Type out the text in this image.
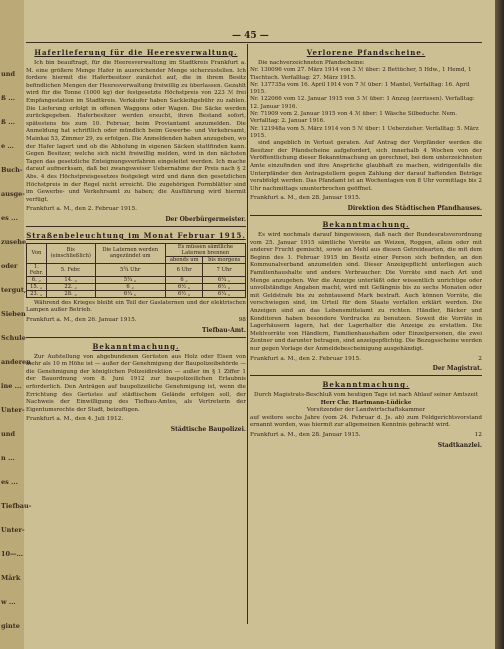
und
ß ...
ß ...
e …
Buch-
ausge-
es ...
zusehe
oder
tergut,
Sieben
Schule
anderen
ine ...
Unter-
und
n ...
es ...
Tiefbau-
Unter-
10—…
Märk
w ...
ginte
— 45 —
Haferlieferung für die Heeresverwaltung.

Ich bin beauftragt, für die Heeresverwaltung im Stadtkreis Frankfurt a. M. eine größere Menge Hafer in ausreichender Menge sicherzustellen. Ich fordere hiermit die Haferbesitzer zunächst auf, die in ihrem Besitz befindlichen Mengen der Heeresverwaltung freiwillig zu überlassen. Gezahlt wird für die Tonne (1000 kg) der festgesetzte Höchstpreis von 223 ℳ frei Empfangsstation im Stadtkreis. Verkäufer haben Sackleihgebühr zu zahlen. Die Lieferung erfolgt in offenen Waggons oder Wagen. Die Säcke werden zurückgegeben. Haferbesitzer werden ersucht, ihren Bestand sofort, spätestens bis zum 10. Februar, beim Proviantamt anzumelden. Die Anmeldung hat schriftlich oder mündlich beim Gewerbe- und Verkehrsamt, Mainkai 53, Zimmer 29, zu erfolgen. Die Anmeldenden haben anzugeben, wo der Hafer lagert und ob die Abholung in eigenen Säcken stattfinden kann. Gegen Besitzer, welche sich nicht freiwillig melden, wird in den nächsten Tagen das gesetzliche Enteignungsverfahren eingeleitet werden. Ich mache darauf aufmerksam, daß bei zwangsweiser Uebernahme der Preis nach § 2 Abs. 4 des Höchstpreisgesetzes festgelegt wird und dann den gesetzlichen Höchstpreis in der Regel nicht erreicht. Die zugehörigen Formblätter sind im Gewerbe- und Verkehrsamt zu haben; die Ausführung wird hiermit verfügt.

Frankfurt a. M., den 2. Februar 1915.
Der Oberbürgermeister.
Straßenbeleuchtung im Monat Februar 1915.
Von	Bis (einschließlich)	Die Laternen werden angezündet um	Es müssen sämtliche Laternen brennen	
			abends um	bis morgens
1. Febr.	5. Febr.	5¾ Uhr	6 Uhr	7 Uhr
6. „	14. „	5¾ „	6 „	6¾ „
15. „	22. „	6 „	6½ „	6½ „
23. „	28. „	6¼ „	6½ „	6¼ „

Während des Krieges bleibt ein Teil der Gaslaternen und der elektrischen Lampen außer Betrieb.

Frankfurt a. M., den 26. Januar 1915.	98
Tiefbau-Amt.
Bekanntmachung.

Zur Aufstellung von abgebundenen Gerüsten aus Holz oder Eisen von mehr als 10 m Höhe ist — außer der Genehmigung der Baupolizeibehörde — die Genehmigung der königlichen Polizeidirektion — außer im § 1 Ziffer 1 der Bauordnung vom 8. Juni 1912 zur baupolizeilichen Erlaubnis erforderlich. Den Anträgen auf baupolizeiliche Genehmigung ist, wenn die Errichtung des Gerüstes auf städtischem Gelände erfolgen soll, der Nachweis der Einwilligung des Tiefbau-Amtes, als Vertreterin der Eigentumsrechte der Stadt, beizufügen.

Frankfurt a. M., den 4. Juli 1912.
Städtische Baupolizei.
Verlorene Pfandscheine.

Die nachverzeichneten Pfandscheine:

Nr. 130096 vom 27. März 1914 von 3 ℳ über: 2 Bettücher, 5 Hdw., 1 Hemd, 1 Tischtuch. Verfalltag: 27. März 1915.

Nr. 137735a vom 16. April 1914 von 7 ℳ über: 1 Mantel, Verfalltag: 16. April 1915.

Nr. 122066 vom 12. Januar 1915 von 3 ℳ über: 1 Anzug (zerrissen). Verfalltag: 12. Januar 1916.

Nr. 71909 vom 2. Januar 1915 von 4 ℳ über: 1 Wäsche Silbeduchr. Nem. Verfalltag: 2. Januar 1916.

Nr. 121948a vom 5. März 1914 von 5 ℳ über: 1 Ueberzieher. Verfalltag: 5. März 1915.

sind angeblich in Verlust geraten. Auf Antrag der Verpfänder werden die Besitzer der Pfandscheine aufgefordert, sich innerhalb 4 Wochen von der Veröffentlichung dieser Bekanntmachung an gerechnet, bei dem unterzeichneten Amte einzufinden und ihre Ansprüche glaubhaft zu machen, widrigenfalls die Unterpfänder den Antragstellern gegen Zahlung der darauf haftenden Beträge verabfolgt werden. Das Pfandamt ist an Wochentagen von 8 Uhr vormittags bis 2 Uhr nachmittags ununterbrochen geöffnet.

Frankfurt a. M., den 28. Januar 1915.
Direktion des Städtischen Pfandhauses.
Bekanntmachung.

Es wird nochmals darauf hingewiesen, daß nach der Bundesratsverordnung vom 25. Januar 1915 sämtliche Vorräte an Weizen, Roggen, allein oder mit anderer Frucht gemischt, sowie an Mehl aus diesen Getreidearten, die mit dem Beginn des 1. Februar 1915 im Besitz einer Person sich befinden, an den Kommunalverband anzumelden sind. Dieser Anzeigepflicht unterliegen auch Familienhaushalte und andere Verbraucher. Die Vorräte sind nach Art und Menge anzugeben. Wer die Anzeige unterläßt oder wissentlich unrichtige oder unvollständige Angaben macht, wird mit Gefängnis bis zu sechs Monaten oder mit Geldstrafe bis zu zehntausend Mark bestraft. Auch können Vorräte, die verschwiegen sind, im Urteil für dem Staate verfallen erklärt werden. Die Anzeigen sind an das Lebensmittelamt zu richten. Händler, Bäcker und Konditoren haben besondere Vordrucke zu benutzen. Soweit die Vorräte in Lagerhäusern lagern, hat der Lagerhalter die Anzeige zu erstatten. Die Mehlvorräte von Händlern, Familienhaushalten oder Einzelpersonen, die zwei Zentner und darunter betragen, sind anzeigepflichtig. Die Bezugsscheine werden nur gegen Vorlage der Anmeldebescheinigung ausgehändigt.

Frankfurt a. M., den 2. Februar 1915.	2
Der Magistrat.
Bekanntmachung.

Durch Magistrats-Beschluß vom heutigen Tage ist nach Ablauf seiner Amtszeit

Herr Chr. Hartmann-Lüdicke

Vorsitzender der Landwirtschaftskammer

auf weitere sechs Jahre (vom 24. Februar d. Js. ab) zum Feldgerichtsvorstand ernannt worden, was hiermit zur allgemeinen Kenntnis gebracht wird.

Frankfurt a. M., den 28. Januar 1915.	12
Stadtkanzlei.
